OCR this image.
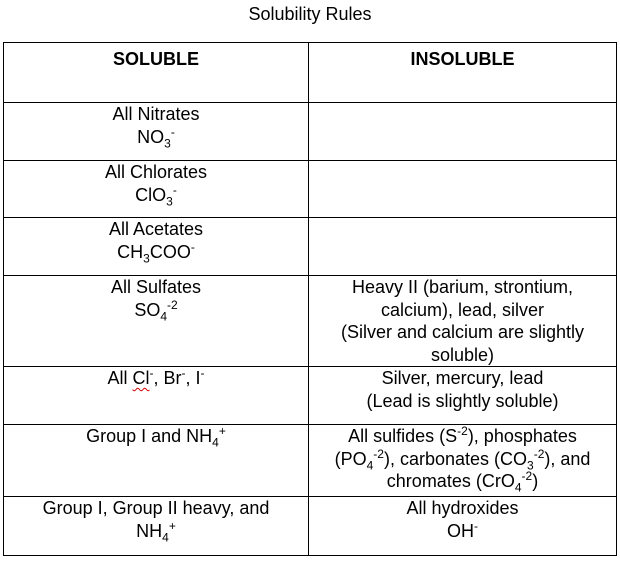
Solubility Rules
SOLUBLE	INSOLUBLE

All Nitrates
$NO_3^-$

All Chlorates
ClO$_3$-

All Acetates
$CH_3COO^-$

All Sulfates
$SO_4^{-2}$	Heavy II (barium, strontium,
calcium), lead, silver
(Silver and calcium are slightly
soluble)

All Cl-, Br-, I-	Silver, mercury, lead
(Lead is slightly soluble)

Group I and $NH_4^+$	All sulfides $(S^{-2})$, phosphates
$(PO_4^{-2})$, carbonates $(CO_3^{-2})$, and
chromates (CrO$_4^{-2}$)

Group I, Group II heavy, and
$NH_4^+$	All hydroxides
OH-
